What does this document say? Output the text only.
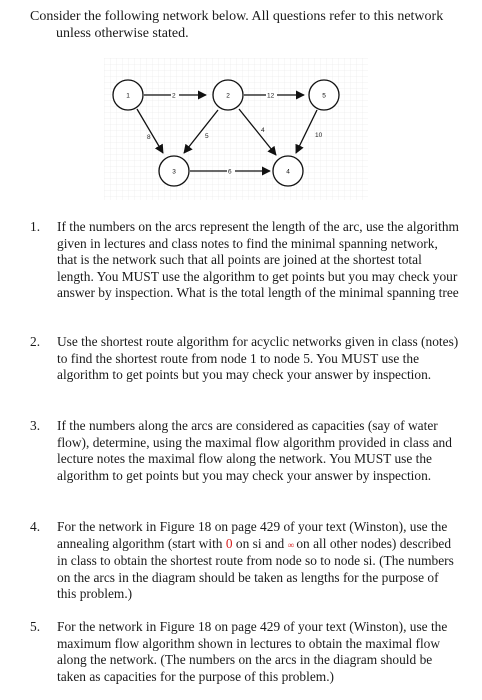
Consider the following network below. All questions refer to this network
unless otherwise stated.
2	12
8	5
4
10
6
1	2	5
3	4
1. If the numbers on the arcs represent the length of the arc, use the algorithm given in lectures and class notes to find the minimal spanning network, that is the network such that all points are joined at the shortest total length. You MUST use the algorithm to get points but you may check your answer by inspection. What is the total length of the minimal spanning tree
2. Use the shortest route algorithm for acyclic networks given in class (notes) to find the shortest route from node 1 to node 5. You MUST use the algorithm to get points but you may check your answer by inspection.
3. If the numbers along the arcs are considered as capacities (say of water flow), determine, using the maximal flow algorithm provided in class and lecture notes the maximal flow along the network. You MUST use the algorithm to get points but you may check your answer by inspection.
4. For the network in Figure 18 on page 429 of your text (Winston), use the annealing algorithm (start with 0 on si and ∞ on all other nodes) described in class to obtain the shortest route from node so to node si. (The numbers on the arcs in the diagram should be taken as lengths for the purpose of this problem.)
5. For the network in Figure 18 on page 429 of your text (Winston), use the maximum flow algorithm shown in lectures to obtain the maximal flow along the network. (The numbers on the arcs in the diagram should be taken as capacities for the purpose of this problem.)
